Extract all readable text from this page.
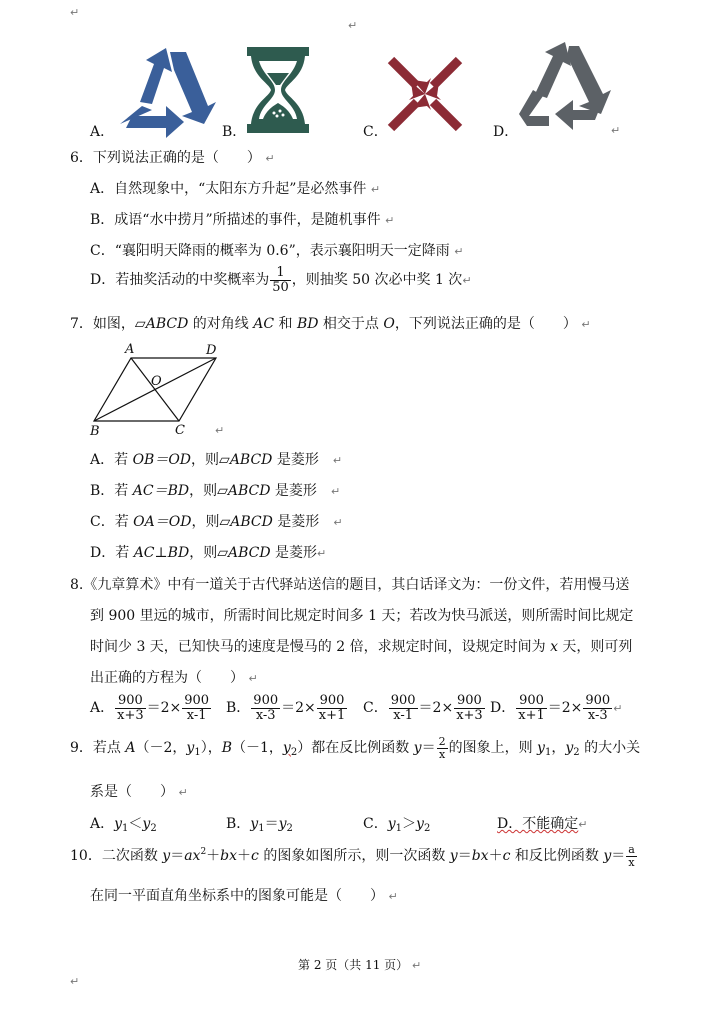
↵
↵
A．	B．	C．	D．	↵
6．下列说法正确的是（　　） ↵
A．自然现象中，“太阳东方升起”是必然事件 ↵
B．成语“水中捞月”所描述的事件，是随机事件 ↵
C．“襄阳明天降雨的概率为 0.6”，表示襄阳明天一定降雨 ↵
D．若抽奖活动的中奖概率为 $\frac{1}{50}$ ，则抽奖 50 次必中奖 1 次↵
7．如图，▱ABCD 的对角线 AC 和 BD 相交于点 O，下列说法正确的是（　　） ↵
A	D
O
B	C	↵
A．若 OB＝OD，则▱ABCD 是菱形　 ↵
B．若 AC＝BD，则▱ABCD 是菱形　 ↵
C．若 OA＝OD，则▱ABCD 是菱形　 ↵
D．若 AC⊥BD，则▱ABCD 是菱形↵
8.《九章算术》中有一道关于古代驿站送信的题目，其白话译文为：一份文件，若用慢马送
到 900 里远的城市，所需时间比规定时间多 1 天；若改为快马派送，则所需时间比规定
时间少 3 天，已知快马的速度是慢马的 2 倍，求规定时间，设规定时间为 x 天，则可列
出正确的方程为（　　） ↵
A． $\frac{900}{x+3} =2\times \frac{900}{x-1}$ B． $\frac{900}{x-3} =2\times \frac{900}{x+1}$ C． $\frac{900}{x-1} =2\times \frac{900}{x+3}$ D． $\frac{900}{x+1} =2\times \frac{900}{x-3}$ ↵
9．若点 A（－2，$y_1$），B（－1，$y_2$）都在反比例函数 $y= \frac{2}{x}$ 的图象上，则 $y_1$，$y_2$ 的大小关
系是（　　） ↵
A．$y_1<y_2$	B．$y_1=y_2$	C．$y_1>y_2$	D．不能确定↵
10．二次函数 $y=ax^2+bx+c$ 的图象如图所示，则一次函数 y＝bx＋c 和反比例函数 $y= \frac{a}{x}$
在同一平面直角坐标系中的图象可能是（　　） ↵
第 2 页（共 11 页） ↵
↵
